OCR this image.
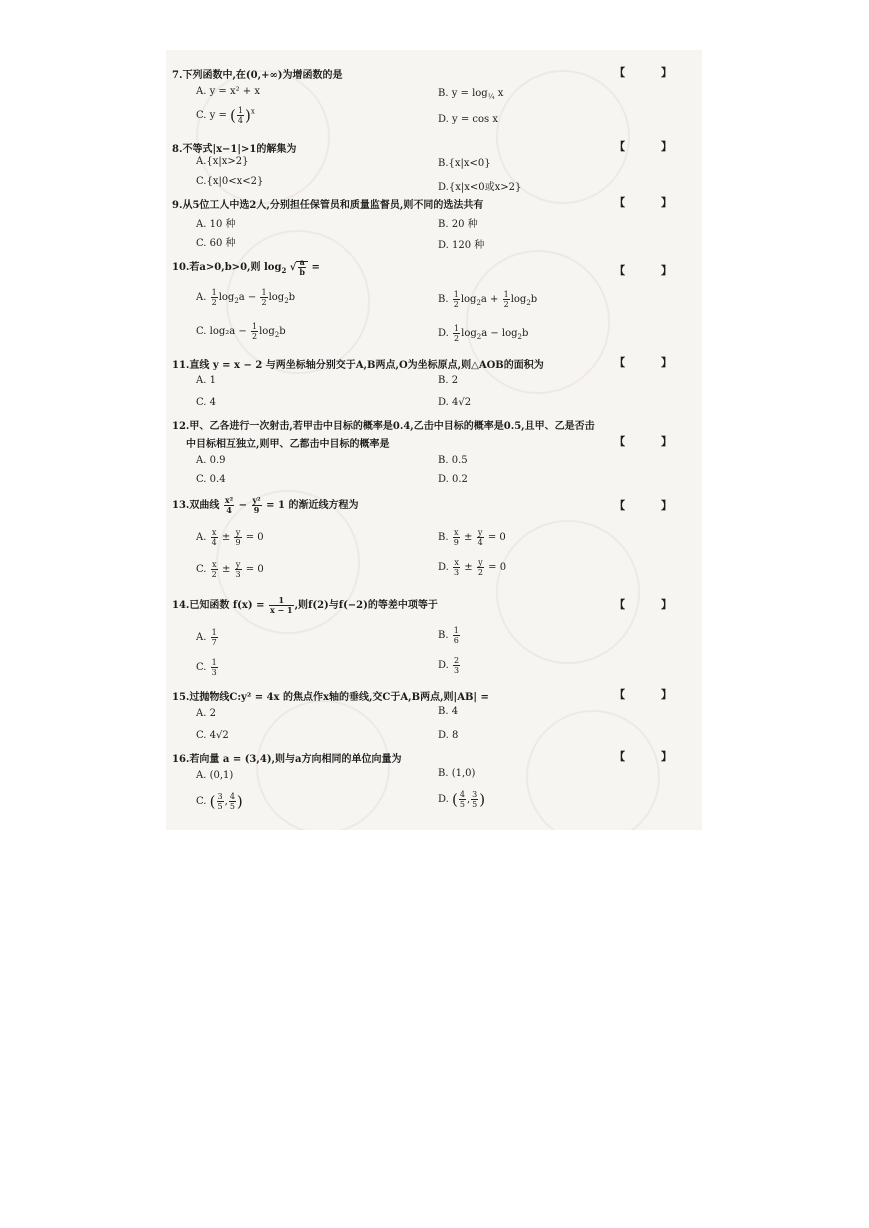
7.下列函数中,在(0,+∞)为增函数的是	【 】
A. y = x² + x	B. $y = \log_{\frac{1}{4}} x$
C. y = ( $\frac{1}{4} )^x$
D. y = cos x
8.不等式|x−1|>1的解集为	【 】
A.{x|x>2}	B.{x|x<0}
C.{x|0<x<2}
D.{x|x<0或x>2}
9.从5位工人中选2人,分别担任保管员和质量监督员,则不同的选法共有	【 】
A. 10 种	B. 20 种
C. 60 种	D. 120 种
10.若a>0,b>0,则 $\log_2$ √ $\frac{a}{b}$ =	【 】
A. $\frac{1}{2} \log_2a - \frac{1}{2} \log_2b$	B. $\frac{1}{2} \log_2a + \frac{1}{2} \log_2b$
C. $\log_2a - \frac{1}{2} \log_2b$	D. $\frac{1}{2} \log_2a - \log_2b$
11.直线 y = x − 2 与两坐标轴分别交于A,B两点,O为坐标原点,则△AOB的面积为	【 】
A. 1	B. 2
C. 4	D. 4√2
12.甲、乙各进行一次射击,若甲击中目标的概率是0.4,乙击中目标的概率是0.5,且甲、乙是否击
中目标相互独立,则甲、乙都击中目标的概率是	【 】
A. 0.9	B. 0.5
C. 0.4	D. 0.2
13.双曲线 $\frac{\text{x²}}{4} - \frac{\text{y²}}{9} = 1$ 的渐近线方程为	【 】
A. $\frac{x}{4} \pm \frac{y}{9} = 0$	B. $\frac{x}{9} \pm \frac{y}{4} = 0$
C. $\frac{x}{2} \pm \frac{y}{3} = 0$	D. $\frac{x}{3} \pm \frac{y}{2} = 0$
14.已知函数 $f(x) = \frac{1}{x - 1}$ ,则f(2)与f(−2)的等差中项等于	【 】
A. $\frac{1}{7}$	B. $\frac{1}{6}$
C. $\frac{1}{3}$	D. $\frac{2}{3}$
15.过抛物线C:y² = 4x 的焦点作x轴的垂线,交C于A,B两点,则|AB| =	【 】
A. 2	B. 4
C. 4√2	D. 8
16.若向量 a = (3,4),则与a方向相同的单位向量为	【 】
A. (0,1)	B. (1,0)
C. ( $\frac{3}{5}$ , $\frac{4}{5}$ )	D. ( $\frac{4}{5}$ , $\frac{3}{5}$ )
